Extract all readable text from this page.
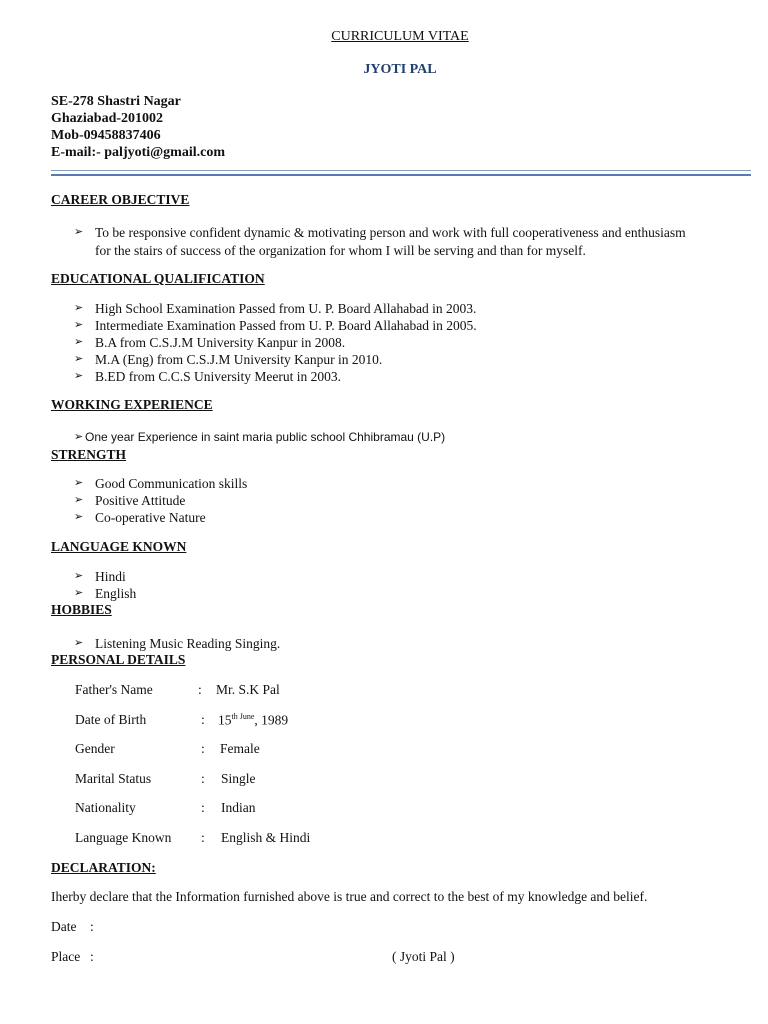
CURRICULUM VITAE
JYOTI PAL
SE-278 Shastri Nagar
Ghaziabad-201002
Mob-09458837406
E-mail:- paljyoti@gmail.com
CAREER OBJECTIVE
➢ To be responsive confident dynamic & motivating person and work with full cooperativeness and enthusiasm
for the stairs of success of the organization for whom I will be serving and than for myself.
EDUCATIONAL QUALIFICATION
➢ High School Examination Passed from U. P. Board Allahabad in 2003.
➢ Intermediate Examination Passed from U. P. Board Allahabad in 2005.
➢ B.A from C.S.J.M University Kanpur in 2008.
➢ M.A (Eng) from C.S.J.M University Kanpur in 2010.
➢ B.ED from C.C.S University Meerut in 2003.
WORKING EXPERIENCE
➢ One year Experience in saint maria public school Chhibramau (U.P)
STRENGTH
➢ Good Communication skills
➢ Positive Attitude
➢ Co-operative Nature
LANGUAGE KNOWN
➢ Hindi
➢ English
HOBBIES
➢ Listening Music Reading Singing.
PERSONAL DETAILS
Father's Name	: Mr. S.K Pal
Date of Birth	: $15^{th June}$, 1989
Gender	: Female
Marital Status	: Single
Nationality	: Indian
Language Known : English & Hindi
DECLARATION:
Iherby declare that the Information furnished above is true and correct to the best of my knowledge and belief.
Date :
Place :	( Jyoti Pal )
